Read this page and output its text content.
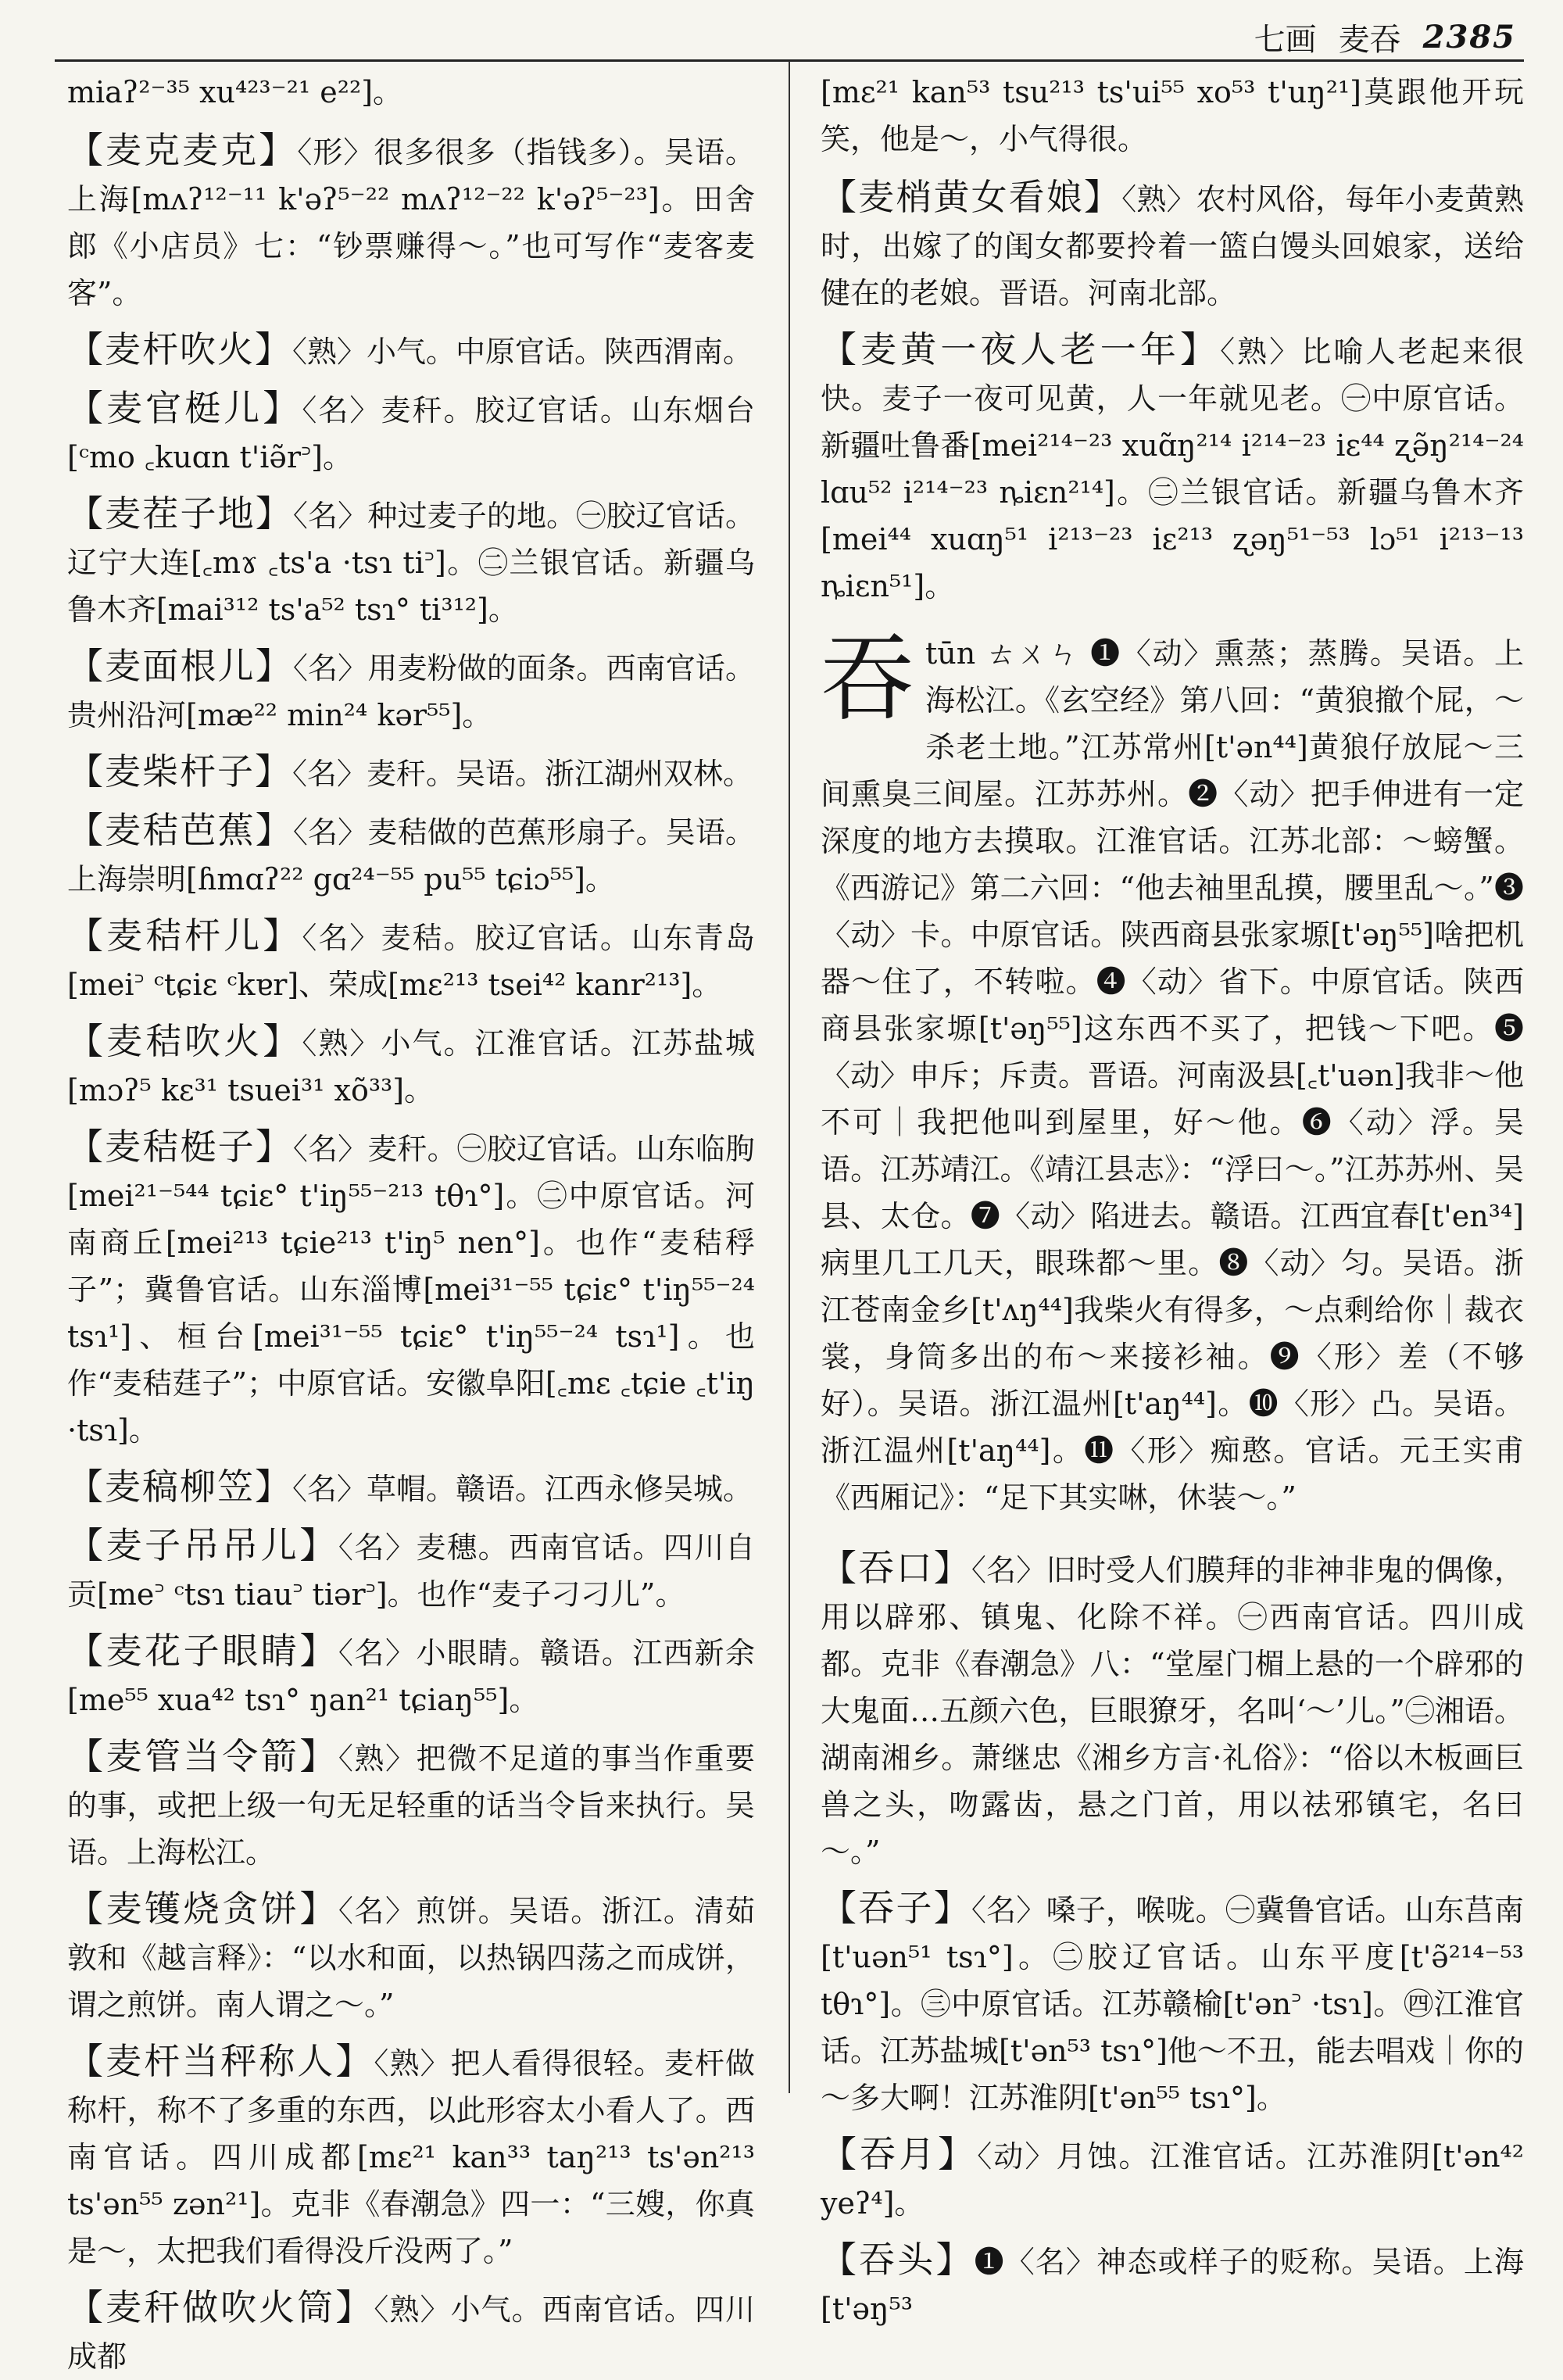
七画 麦吞 2385
miaʔ²⁻³⁵ xu⁴²³⁻²¹ e²²]。
【 麦克麦克 】 〈形〉很多很多（指钱多）。吴语。上海[mʌʔ¹²⁻¹¹ k'əʔ⁵⁻²² mʌʔ¹²⁻²² k'əʔ⁵⁻²³]。田舍郎《小店员》七：“钞票赚得～。”也可写作“麦客麦客”。
【 麦杆吹火 】 〈熟〉小气。中原官话。陕西渭南。
【 麦官梃儿 】 〈名〉麦秆。胶辽官话。山东烟台[ᶜmo ꜀kuɑn t'iə̃r꜄]。
【 麦茬子地 】 〈名〉种过麦子的地。㊀胶辽官话。辽宁大连[꜀mɤ ꜀ts'a ·tsɿ ti꜄]。㊁兰银官话。新疆乌鲁木齐[mai³¹² ts'a⁵² tsɿ° ti³¹²]。
【 麦面根儿 】 〈名〉用麦粉做的面条。西南官话。贵州沿河[mæ²² min²⁴ kər⁵⁵]。
【 麦柴杆子 】 〈名〉麦秆。吴语。浙江湖州双林。
【 麦秸芭蕉 】 〈名〉麦秸做的芭蕉形扇子。吴语。上海崇明[ɦmɑʔ²² gɑ²⁴⁻⁵⁵ pu⁵⁵ tɕiɔ⁵⁵]。
【 麦秸杆儿 】 〈名〉麦秸。胶辽官话。山东青岛[mei꜄ ᶜtɕiɛ ᶜkɐr]、荣成[mɛ²¹³ tsei⁴² kanr²¹³]。
【 麦秸吹火 】 〈熟〉小气。江淮官话。江苏盐城[mɔʔ⁵ kɛ³¹ tsuei³¹ xõ³³]。
【 麦秸梃子 】 〈名〉麦秆。㊀胶辽官话。山东临朐[mei²¹⁻⁵⁴⁴ tɕiɛ° t'iŋ⁵⁵⁻²¹³ tθɿ°]。㊁中原官话。河南商丘[mei²¹³ tɕie²¹³ t'iŋ⁵ nen°]。也作“麦秸稃子”；冀鲁官话。山东淄博[mei³¹⁻⁵⁵ tɕiɛ° t'iŋ⁵⁵⁻²⁴ tsɿ¹]、桓台[mei³¹⁻⁵⁵ tɕiɛ° t'iŋ⁵⁵⁻²⁴ tsɿ¹]。也作“麦秸莛子”；中原官话。安徽阜阳[꜀mɛ ꜀tɕie ꜀t'iŋ ·tsɿ]。
【 麦稿柳笠 】 〈名〉草帽。赣语。江西永修吴城。
【 麦子吊吊儿 】 〈名〉麦穗。西南官话。四川自贡[me꜄ ᶜtsɿ tiau꜄ tiər꜄]。也作“麦子刁刁儿”。
【 麦花子眼睛 】 〈名〉小眼睛。赣语。江西新余[me⁵⁵ xua⁴² tsɿ° ŋan²¹ tɕiaŋ⁵⁵]。
【 麦管当令箭 】 〈熟〉把微不足道的事当作重要的事，或把上级一句无足轻重的话当令旨来执行。吴语。上海松江。
【 麦镬烧贪饼 】 〈名〉煎饼。吴语。浙江。清茹敦和《越言释》：“以水和面，以热锅四荡之而成饼，谓之煎饼。南人谓之～。”
【 麦杆当秤称人 】 〈熟〉把人看得很轻。麦杆做称杆，称不了多重的东西，以此形容太小看人了。西南官话。四川成都[mɛ²¹ kan³³ taŋ²¹³ ts'ən²¹³ ts'ən⁵⁵ zən²¹]。克非《春潮急》四一：“三嫂，你真是～，太把我们看得没斤没两了。”
【 麦秆做吹火筒 】 〈熟〉小气。西南官话。四川成都
[mɛ²¹ kan⁵³ tsu²¹³ ts'ui⁵⁵ xo⁵³ t'uŋ²¹]莫跟他开玩笑，他是～，小气得很。
【 麦梢黄女看娘 】 〈熟〉农村风俗，每年小麦黄熟时，出嫁了的闺女都要拎着一篮白馒头回娘家，送给健在的老娘。晋语。河南北部。
【 麦黄一夜人老一年 】 〈熟〉比喻人老起来很快。麦子一夜可见黄，人一年就见老。㊀中原官话。新疆吐鲁番[mei²¹⁴⁻²³ xuɑ̃ŋ²¹⁴ i²¹⁴⁻²³ iɛ⁴⁴ ʐə̃ŋ²¹⁴⁻²⁴ lɑu⁵² i²¹⁴⁻²³ ȵiɛn²¹⁴]。㊁兰银官话。新疆乌鲁木齐[mei⁴⁴ xuɑŋ⁵¹ i²¹³⁻²³ iɛ²¹³ ʐəŋ⁵¹⁻⁵³ lɔ⁵¹ i²¹³⁻¹³ ȵiɛn⁵¹]。
吞 tūn ㄊㄨㄣ ❶〈动〉熏蒸；蒸腾。吴语。上海松江。《玄空经》第八回：“黄狼撤个屁，～杀老土地。”江苏常州[t'ən⁴⁴]黄狼仔放屁～三间熏臭三间屋。江苏苏州。❷〈动〉把手伸进有一定深度的地方去摸取。江淮官话。江苏北部：～螃蟹。《西游记》第二六回：“他去袖里乱摸，腰里乱～。”❸〈动〉卡。中原官话。陕西商县张家塬[t'əŋ⁵⁵]啥把机器～住了，不转啦。❹〈动〉省下。中原官话。陕西商县张家塬[t'əŋ⁵⁵]这东西不买了，把钱～下吧。❺〈动〉申斥；斥责。晋语。河南汲县[꜀t'uən]我非～他不可｜我把他叫到屋里，好～他。❻〈动〉浮。吴语。江苏靖江。《靖江县志》：“浮曰～。”江苏苏州、吴县、太仓。❼〈动〉陷进去。赣语。江西宜春[t'en³⁴]病里几工几天，眼珠都～里。❽〈动〉匀。吴语。浙江苍南金乡[t'ʌŋ⁴⁴]我柴火有得多，～点剩给你｜裁衣裳，身筒多出的布～来接衫袖。❾〈形〉差（不够好）。吴语。浙江温州[t'aŋ⁴⁴]。❿〈形〉凸。吴语。浙江温州[t'aŋ⁴⁴]。⓫〈形〉痴憨。官话。元王实甫《西厢记》：“足下其实啉，休装～。”
【 吞口 】 〈名〉旧时受人们膜拜的非神非鬼的偶像，用以辟邪、镇鬼、化除不祥。㊀西南官话。四川成都。克非《春潮急》八：“堂屋门楣上悬的一个辟邪的大鬼面…五颜六色，巨眼獠牙，名叫‘～’儿。”㊁湘语。湖南湘乡。萧继忠《湘乡方言·礼俗》：“俗以木板画巨兽之头，吻露齿，悬之门首，用以祛邪镇宅，名曰～。”
【 吞子 】 〈名〉嗓子，喉咙。㊀冀鲁官话。山东莒南[t'uən⁵¹ tsɿ°]。㊁胶辽官话。山东平度[t'ə̃²¹⁴⁻⁵³ tθɿ°]。㊂中原官话。江苏赣榆[t'ən꜄ ·tsɿ]。㊃江淮官话。江苏盐城[t'ən⁵³ tsɿ°]他～不丑，能去唱戏｜你的～多大啊！江苏淮阴[t'ən⁵⁵ tsɿ°]。
【 吞月 】 〈动〉月蚀。江淮官话。江苏淮阴[t'ən⁴² yeʔ⁴]。
【 吞头 】 ❶〈名〉神态或样子的贬称。吴语。上海[t'əŋ⁵³
